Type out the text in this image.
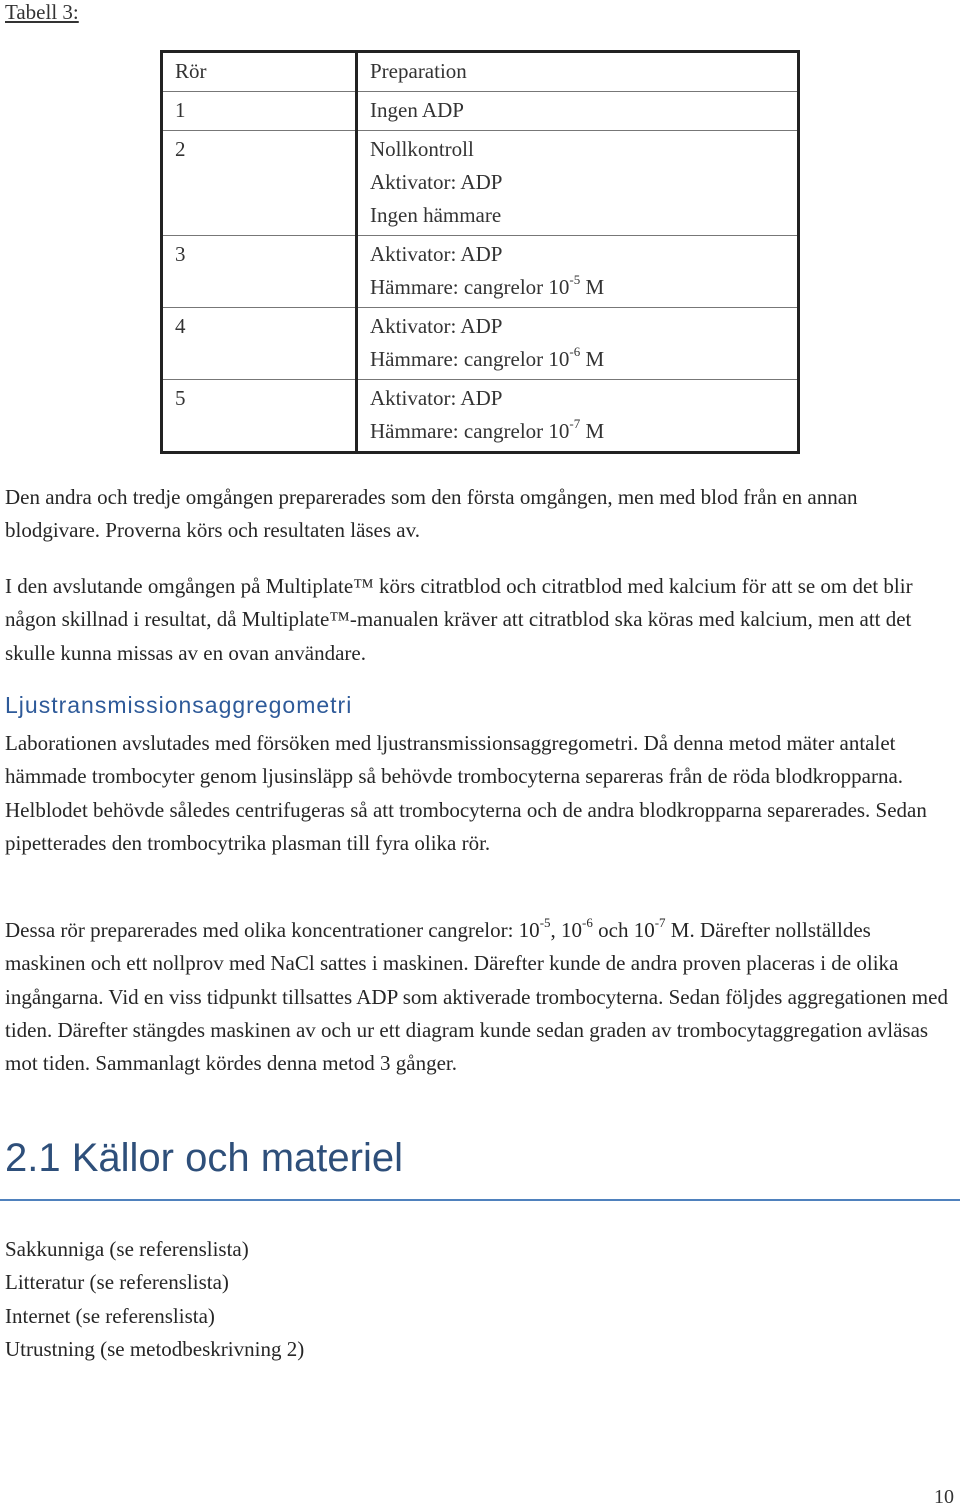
Tabell 3:
Rör	Preparation
1	Ingen ADP

2	Nollkontroll
Aktivator: ADP
Ingen hämmare

3	Aktivator: ADP
Hämmare: cangrelor $10^{-5}$ M

4	Aktivator: ADP
Hämmare: cangrelor $10^{-6}$ M

5	Aktivator: ADP
Hämmare: cangrelor $10^{-7}$ M
Den andra och tredje omgången preparerades som den första omgången, men med blod från en annan blodgivare. Proverna körs och resultaten läses av.
I den avslutande omgången på Multiplate™ körs citratblod och citratblod med kalcium för att se om det blir någon skillnad i resultat, då Multiplate™-manualen kräver att citratblod ska köras med kalcium, men att det skulle kunna missas av en ovan användare.
Ljustransmissionsaggregometri
Laborationen avslutades med försöken med ljustransmissionsaggregometri. Då denna metod mäter antalet hämmade trombocyter genom ljusinsläpp så behövde trombocyterna separeras från de röda blodkropparna. Helblodet behövde således centrifugeras så att trombocyterna och de andra blodkropparna separerades. Sedan pipetterades den trombocytrika plasman till fyra olika rör.
Dessa rör preparerades med olika koncentrationer cangrelor: $10^{-5}$, $10^{-6}$ och $10^{-7}$ M. Därefter nollställdes maskinen och ett nollprov med NaCl sattes i maskinen. Därefter kunde de andra proven placeras i de olika ingångarna. Vid en viss tidpunkt tillsattes ADP som aktiverade trombocyterna. Sedan följdes aggregationen med tiden. Därefter stängdes maskinen av och ur ett diagram kunde sedan graden av trombocytaggregation avläsas mot tiden. Sammanlagt kördes denna metod 3 gånger.
2.1 Källor och materiel
Sakkunniga (se referenslista)
Litteratur (se referenslista)
Internet (se referenslista)
Utrustning (se metodbeskrivning 2)
10
